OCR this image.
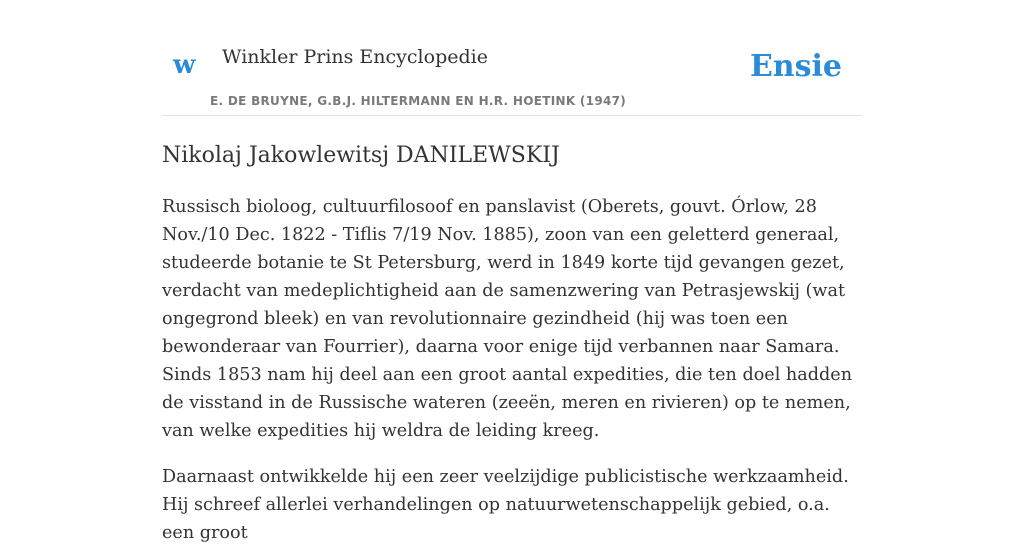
w Winkler Prins Encyclopedie
E. DE BRUYNE, G.B.J. HILTERMANN EN H.R. HOETINK (1947)
Ensie
Nikolaj Jakowlewitsj DANILEWSKIJ

Russisch bioloog, cultuurfilosoof en panslavist (Oberets, gouvt. Órlow, 28 Nov./10 Dec. 1822 - Tiflis 7/19 Nov. 1885), zoon van een geletterd generaal, studeerde botanie te St Petersburg, werd in 1849 korte tijd gevangen gezet, verdacht van medeplichtigheid aan de samenzwering van Petrasjewskij (wat ongegrond bleek) en van revolutionnaire gezindheid (hij was toen een bewonderaar van Fourrier), daarna voor enige tijd verbannen naar Samara. Sinds 1853 nam hij deel aan een groot aantal expedities, die ten doel hadden de visstand in de Russische wateren (zeeën, meren en rivieren) op te nemen, van welke expedities hij weldra de leiding kreeg.

Daarnaast ontwikkelde hij een zeer veelzijdige publicistische werkzaamheid. Hij schreef allerlei verhandelingen op natuurwetenschappelijk gebied, o.a. een groot
